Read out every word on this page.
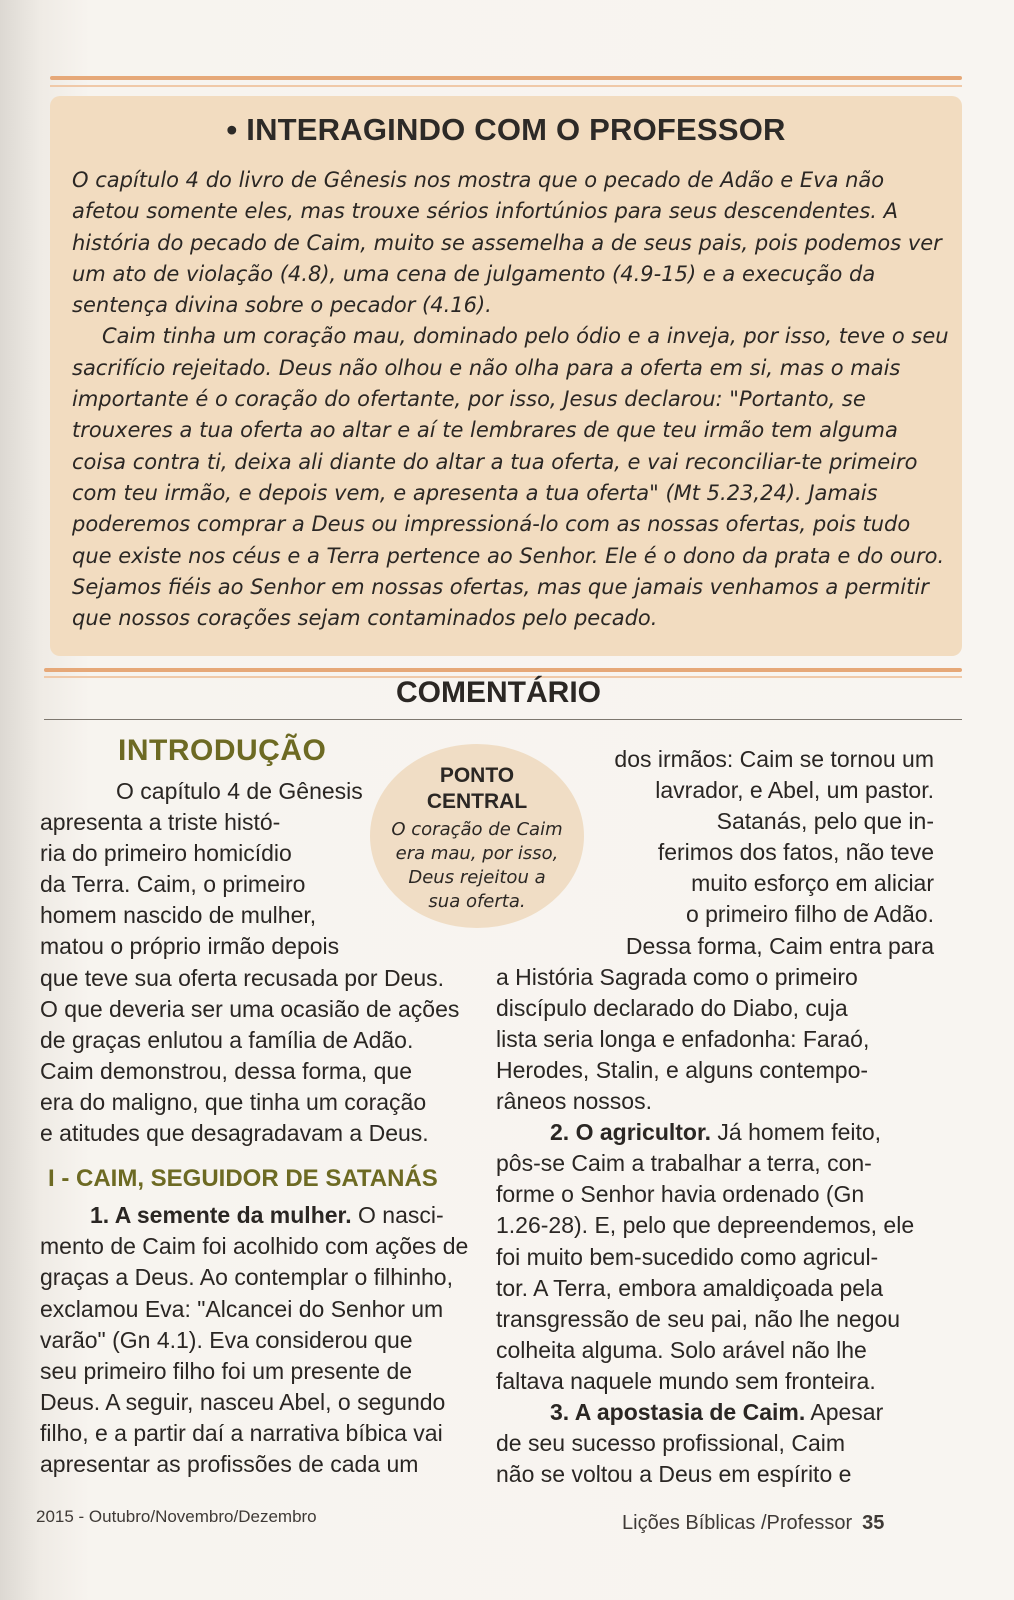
• INTERAGINDO COM O PROFESSOR

O capítulo 4 do livro de Gênesis nos mostra que o pecado de Adão e Eva não afetou somente eles, mas trouxe sérios infortúnios para seus descendentes. A história do pecado de Caim, muito se assemelha a de seus pais, pois podemos ver um ato de violação (4.8), uma cena de julgamento (4.9-15) e a execução da sentença divina sobre o pecador (4.16).

Caim tinha um coração mau, dominado pelo ódio e a inveja, por isso, teve o seu sacrifício rejeitado. Deus não olhou e não olha para a oferta em si, mas o mais importante é o coração do ofertante, por isso, Jesus declarou: "Portanto, se trouxeres a tua oferta ao altar e aí te lembrares de que teu irmão tem alguma coisa contra ti, deixa ali diante do altar a tua oferta, e vai reconciliar-te primeiro com teu irmão, e depois vem, e apresenta a tua oferta" (Mt 5.23,24). Jamais poderemos comprar a Deus ou impressioná-lo com as nossas ofertas, pois tudo que existe nos céus e a Terra pertence ao Senhor. Ele é o dono da prata e do ouro. Sejamos fiéis ao Senhor em nossas ofertas, mas que jamais venhamos a permitir que nossos corações sejam contaminados pelo pecado.

COMENTÁRIO
INTRODUÇÃO
PONTO
CENTRAL
O coração de Caim
era mau, por isso,
Deus rejeitou a
sua oferta.
O capítulo 4 de Gênesis
apresenta a triste histó-
ria do primeiro homicídio
da Terra. Caim, o primeiro
homem nascido de mulher,
matou o próprio irmão depois
que teve sua oferta recusada por Deus.
O que deveria ser uma ocasião de ações
de graças enlutou a família de Adão.
Caim demonstrou, dessa forma, que
era do maligno, que tinha um coração
e atitudes que desagradavam a Deus.
I - CAIM, SEGUIDOR DE SATANÁS
1. A semente da mulher. O nasci-
mento de Caim foi acolhido com ações de
graças a Deus. Ao contemplar o filhinho,
exclamou Eva: "Alcancei do Senhor um
varão" (Gn 4.1). Eva considerou que
seu primeiro filho foi um presente de
Deus. A seguir, nasceu Abel, o segundo
filho, e a partir daí a narrativa bíbica vai
apresentar as profissões de cada um
dos irmãos: Caim se tornou um
lavrador, e Abel, um pastor.
Satanás, pelo que in-
ferimos dos fatos, não teve
muito esforço em aliciar
o primeiro filho de Adão.
Dessa forma, Caim entra para
a História Sagrada como o primeiro
discípulo declarado do Diabo, cuja
lista seria longa e enfadonha: Faraó,
Herodes, Stalin, e alguns contempo-
râneos nossos.
2. O agricultor. Já homem feito,
pôs-se Caim a trabalhar a terra, con-
forme o Senhor havia ordenado (Gn
1.26-28). E, pelo que depreendemos, ele
foi muito bem-sucedido como agricul-
tor. A Terra, embora amaldiçoada pela
transgressão de seu pai, não lhe negou
colheita alguma. Solo arável não lhe
faltava naquele mundo sem fronteira.
3. A apostasia de Caim. Apesar
de seu sucesso profissional, Caim
não se voltou a Deus em espírito e
2015 - Outubro/Novembro/Dezembro	Lições Bíblicas /Professor 35
